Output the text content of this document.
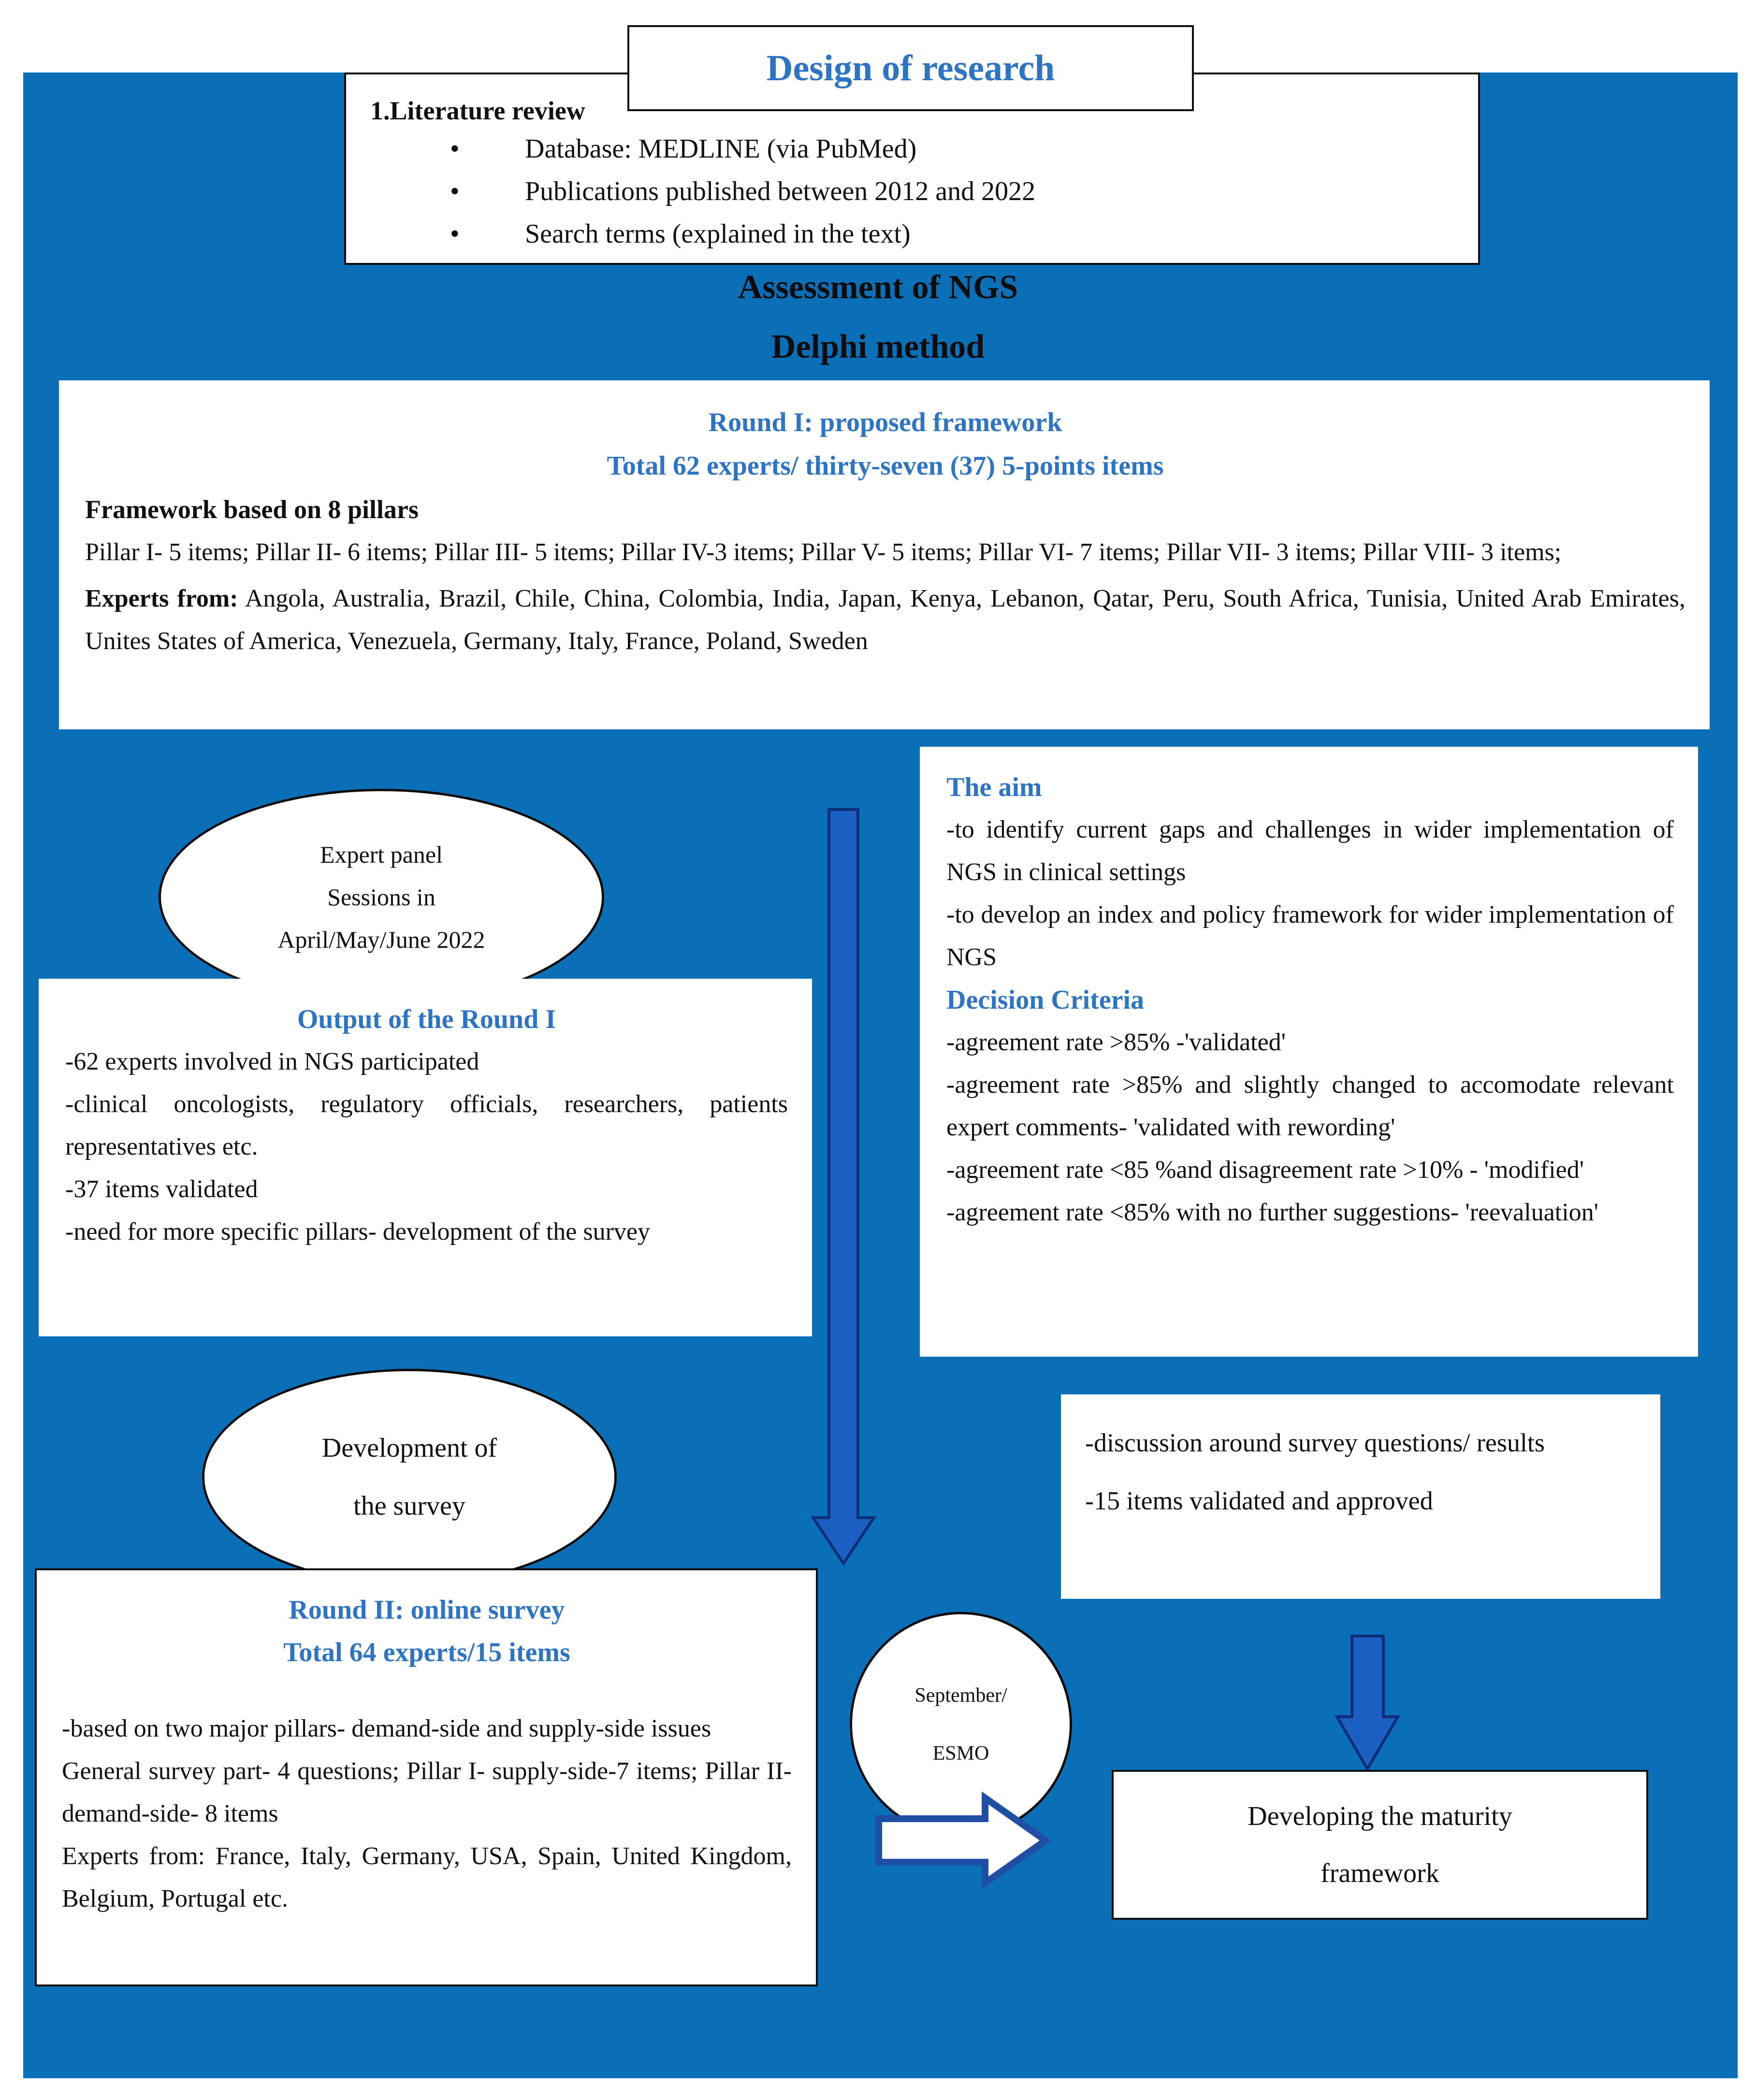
1.Literature review

• Database: MEDLINE (via PubMed)
• Publications published between 2012 and 2022
• Search terms (explained in the text)
Design of research
Assessment of NGS
Delphi method

Round I: proposed framework

Total 62 experts/ thirty-seven (37) 5-points items

Framework based on 8 pillars

Pillar I- 5 items; Pillar II- 6 items; Pillar III- 5 items; Pillar IV-3 items; Pillar V- 5 items; Pillar VI- 7 items; Pillar VII- 3 items; Pillar VIII- 3 items;

Experts from: Angola, Australia, Brazil, Chile, China, Colombia, India, Japan, Kenya, Lebanon, Qatar, Peru, South Africa, Tunisia, United Arab Emirates, Unites States of America, Venezuela, Germany, Italy, France, Poland, Sweden

Expert panel

Sessions in

April/May/June 2022

The aim

-to identify current gaps and challenges in wider implementation of NGS in clinical settings

-to develop an index and policy framework for wider implementation of NGS

Decision Criteria

-agreement rate >85% -'validated'

-agreement rate >85% and slightly changed to accomodate relevant expert comments- 'validated with rewording'

-agreement rate <85 %and disagreement rate >10% - 'modified'

-agreement rate <85% with no further suggestions- 'reevaluation'

Output of the Round I

-62 experts involved in NGS participated

-clinical oncologists, regulatory officials, researchers, patients representatives etc.

-37 items validated

-need for more specific pillars- development of the survey

Development of

the survey

-discussion around survey questions/ results

-15 items validated and approved

Round II: online survey

Total 64 experts/15 items

-based on two major pillars- demand-side and supply-side issues

General survey part- 4 questions; Pillar I- supply-side-7 items; Pillar II- demand-side- 8 items

Experts from: France, Italy, Germany, USA, Spain, United Kingdom, Belgium, Portugal etc.

September/

ESMO

Developing the maturity

framework
